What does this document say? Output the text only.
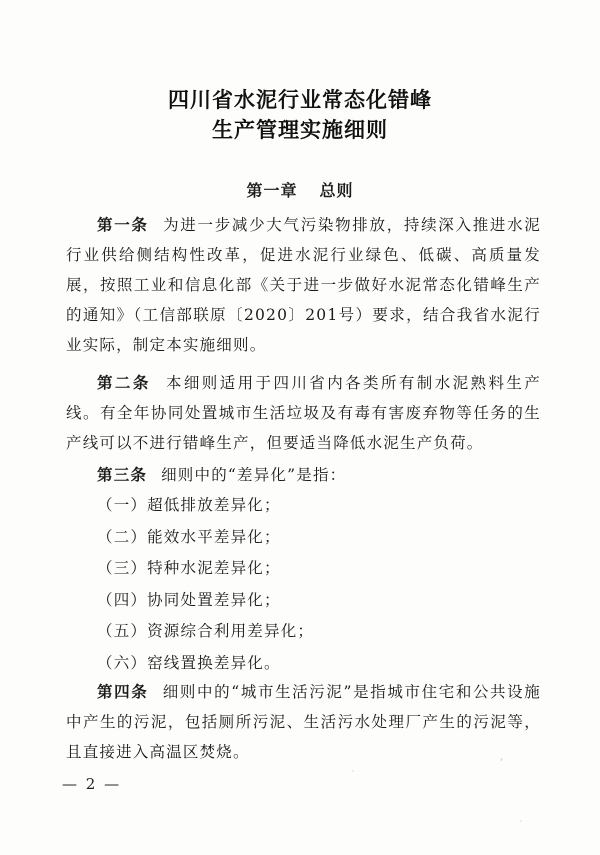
四川省水泥行业常态化错峰
生产管理实施细则
第一章 总则

第一条 为进一步减少大气污染物排放，持续深入推进水泥行业供给侧结构性改革，促进水泥行业绿色、低碳、高质量发展，按照工业和信息化部《关于进一步做好水泥常态化错峰生产的通知》（工信部联原〔2020〕201号）要求，结合我省水泥行业实际，制定本实施细则。

第二条 本细则适用于四川省内各类所有制水泥熟料生产线。有全年协同处置城市生活垃圾及有毒有害废弃物等任务的生产线可以不进行错峰生产，但要适当降低水泥生产负荷。

第三条 细则中的“差异化”是指：

（一）超低排放差异化；
（二）能效水平差异化；
（三）特种水泥差异化；
（四）协同处置差异化；
（五）资源综合利用差异化；
（六）窑线置换差异化。

第四条 细则中的“城市生活污泥”是指城市住宅和公共设施中产生的污泥，包括厕所污泥、生活污水处理厂产生的污泥等，且直接进入高温区焚烧。

— 2 —
